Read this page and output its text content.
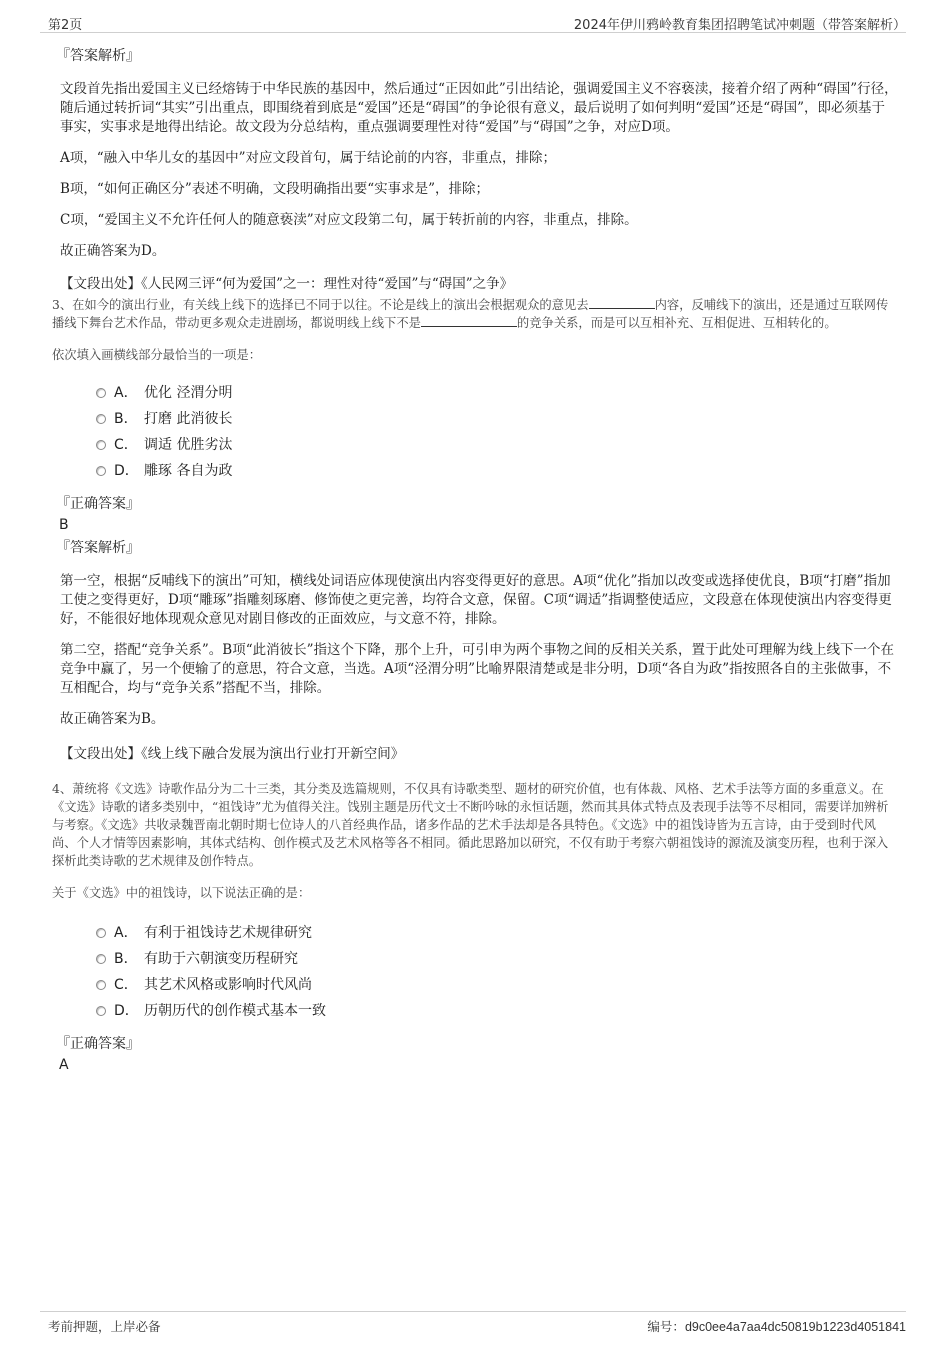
第2页	2024年伊川鸦岭教育集团招聘笔试冲刺题（带答案解析）
『答案解析』

文段首先指出爱国主义已经熔铸于中华民族的基因中，然后通过“正因如此”引出结论，强调爱国主义不容亵渎，接着介绍了两种“碍国”行径，随后通过转折词“其实”引出重点，即围绕着到底是“爱国”还是“碍国”的争论很有意义，最后说明了如何判明“爱国”还是“碍国”，即必须基于事实，实事求是地得出结论。故文段为分总结构，重点强调要理性对待“爱国”与“碍国”之争，对应D项。

A项，“融入中华儿女的基因中”对应文段首句，属于结论前的内容，非重点，排除；

B项，“如何正确区分”表述不明确，文段明确指出要“实事求是”，排除；

C项，“爱国主义不允许任何人的随意亵渎”对应文段第二句，属于转折前的内容，非重点，排除。

故正确答案为D。

【文段出处】《人民网三评“何为爱国”之一：理性对待“爱国”与“碍国”之争》

3、在如今的演出行业，有关线上线下的选择已不同于以往。不论是线上的演出会根据观众的意见去	内容，反哺线下的演出，还是通过互联网传播线下舞台艺术作品，带动更多观众走进剧场，都说明线上线下不是	的竞争关系，而是可以互相补充、互相促进、互相转化的。

依次填入画横线部分最恰当的一项是：

A． 优化 泾渭分明
B． 打磨 此消彼长
C． 调适 优胜劣汰
D． 雕琢 各自为政
『正确答案』
B
『答案解析』

第一空，根据“反哺线下的演出”可知，横线处词语应体现使演出内容变得更好的意思。A项“优化”指加以改变或选择使优良，B项“打磨”指加工使之变得更好，D项“雕琢”指雕刻琢磨、修饰使之更完善，均符合文意，保留。C项“调适”指调整使适应，文段意在体现使演出内容变得更好，不能很好地体现观众意见对剧目修改的正面效应，与文意不符，排除。

第二空，搭配“竞争关系”。B项“此消彼长”指这个下降，那个上升，可引申为两个事物之间的反相关关系，置于此处可理解为线上线下一个在竞争中赢了，另一个便输了的意思，符合文意，当选。A项“泾渭分明”比喻界限清楚或是非分明，D项“各自为政”指按照各自的主张做事，不互相配合，均与“竞争关系”搭配不当，排除。

故正确答案为B。

【文段出处】《线上线下融合发展为演出行业打开新空间》

4、萧统将《文选》诗歌作品分为二十三类，其分类及选篇规则，不仅具有诗歌类型、题材的研究价值，也有体裁、风格、艺术手法等方面的多重意义。在《文选》诗歌的诸多类别中，“祖饯诗”尤为值得关注。饯别主题是历代文士不断吟咏的永恒话题，然而其具体式特点及表现手法等不尽相同，需要详加辨析与考察。《文选》共收录魏晋南北朝时期七位诗人的八首经典作品，诸多作品的艺术手法却是各具特色。《文选》中的祖饯诗皆为五言诗，由于受到时代风尚、个人才情等因素影响，其体式结构、创作模式及艺术风格等各不相同。循此思路加以研究，不仅有助于考察六朝祖饯诗的源流及演变历程，也利于深入探析此类诗歌的艺术规律及创作特点。

关于《文选》中的祖饯诗，以下说法正确的是：

A． 有利于祖饯诗艺术规律研究
B． 有助于六朝演变历程研究
C． 其艺术风格或影响时代风尚
D． 历朝历代的创作模式基本一致
『正确答案』
A
考前押题，上岸必备	编号：d9c0ee4a7aa4dc50819b1223d4051841
